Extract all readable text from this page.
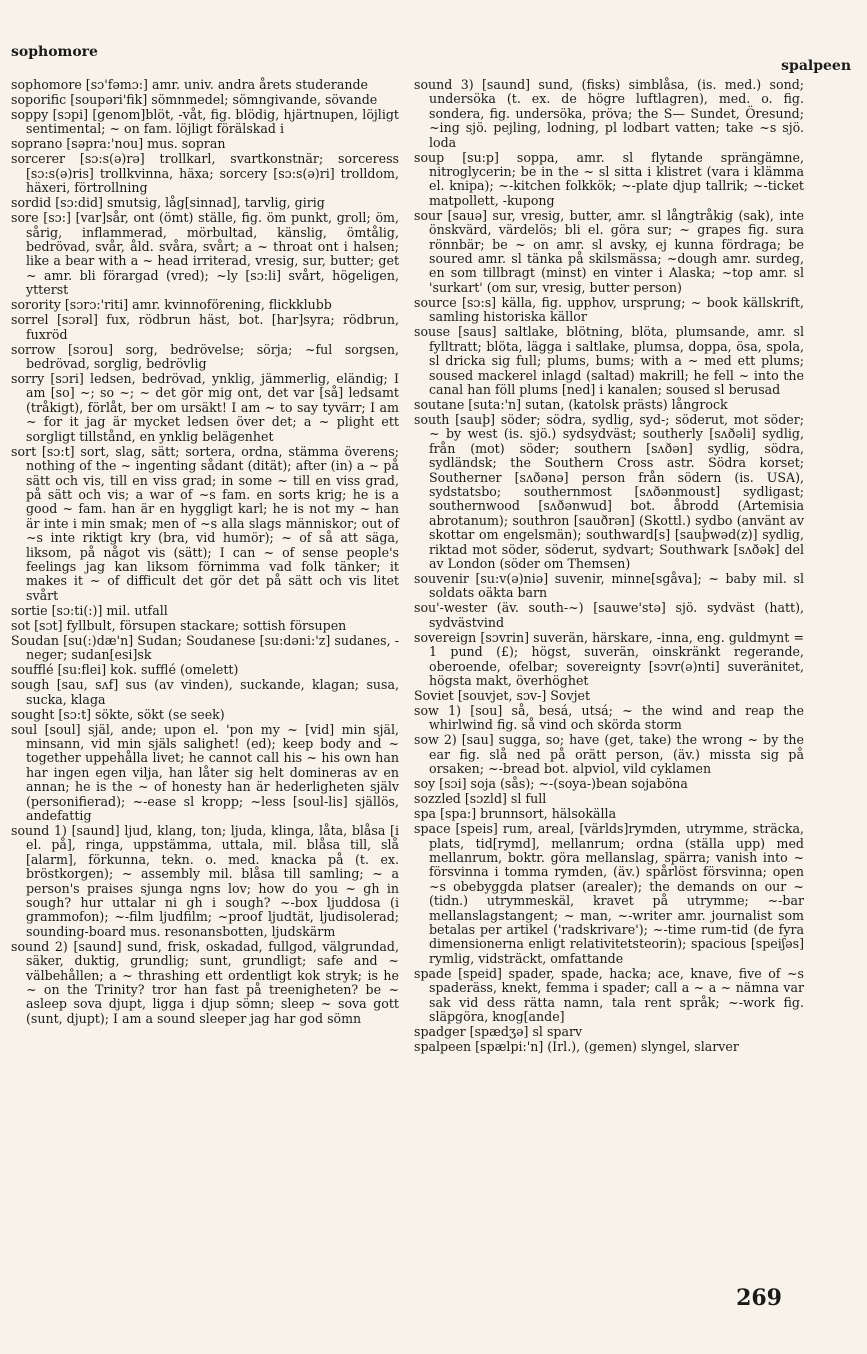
sophomore
spalpeen

sophomore [sɔ'fəmɔ:] amr. univ. andra årets studerande

soporific [soupəri'fik] sömnmedel; sömngivande, sövande

soppy [sɔpi] [genom]blöt, -våt, fig. blödig, hjärtnupen, löjligt sentimental; ~ on fam. löjligt förälskad i

soprano [səpra:'nou] mus. sopran

sorcerer [sɔ:s(ə)rə] trollkarl, svartkonstnär; sorceress [sɔ:s(ə)ris] trollkvinna, häxa; sorcery [sɔ:s(ə)ri] trolldom, häxeri, förtrollning

sordid [sɔ:did] smutsig, låg[sinnad], tarvlig, girig

sore [sɔ:] [var]sår, ont (ömt) ställe, fig. öm punkt, groll; öm, sårig, inflammerad, mörbultad, känslig, ömtålig, bedrövad, svår, åld. svåra, svårt; a ~ throat ont i halsen; like a bear with a ~ head irriterad, vresig, sur, butter; get ~ amr. bli förargad (vred); ~ly [sɔ:li] svårt, högeligen, ytterst

sorority [sɔrɔ:'riti] amr. kvinnoförening, flickklubb

sorrel [sɔrəl] fux, rödbrun häst, bot. [har]syra; rödbrun, fuxröd

sorrow [sɔrou] sorg, bedrövelse; sörja; ~ful sorgsen, bedrövad, sorglig, bedrövlig

sorry [sɔri] ledsen, bedrövad, ynklig, jämmerlig, eländig; I am [so] ~; so ~; ~ det gör mig ont, det var [så] ledsamt (tråkigt), förlåt, ber om ursäkt! I am ~ to say tyvärr; I am ~ for it jag är mycket ledsen över det; a ~ plight ett sorgligt tillstånd, en ynklig belägenhet

sort [sɔ:t] sort, slag, sätt; sortera, ordna, stämma överens; nothing of the ~ ingenting sådant (dität); after (in) a ~ på sätt och vis, till en viss grad; in some ~ till en viss grad, på sätt och vis; a war of ~s fam. en sorts krig; he is a good ~ fam. han är en hyggligt karl; he is not my ~ han är inte i min smak; men of ~s alla slags människor; out of ~s inte riktigt kry (bra, vid humör); ~ of så att säga, liksom, på något vis (sätt); I can ~ of sense people's feelings jag kan liksom förnimma vad folk tänker; it makes it ~ of difficult det gör det på sätt och vis litet svårt

sortie [sɔ:ti(:)] mil. utfall

sot [sɔt] fyllbult, försupen stackare; sottish försupen

Soudan [su(:)dæ'n] Sudan; Soudanese [su:dəni:'z] sudanes, -neger; sudan[esi]sk

soufflé [su:flei] kok. sufflé (omelett)

sough [sau, sʌf] sus (av vinden), suckande, klagan; susa, sucka, klaga

sought [sɔ:t] sökte, sökt (se seek)

soul [soul] själ, ande; upon el. 'pon my ~ [vid] min själ, minsann, vid min själs salighet! (ed); keep body and ~ together uppehålla livet; he cannot call his ~ his own han har ingen egen vilja, han låter sig helt domineras av en annan; he is the ~ of honesty han är hederligheten själv (personifierad); ~-ease sl kropp; ~less [soul-lis] själlös, andefattig

sound 1) [saund] ljud, klang, ton; ljuda, klinga, låta, blåsa [i el. på], ringa, uppstämma, uttala, mil. blåsa till, slå [alarm], förkunna, tekn. o. med. knacka på (t. ex. bröstkorgen); ~ assembly mil. blåsa till samling; ~ a person's praises sjunga ngns lov; how do you ~ gh in sough? hur uttalar ni gh i sough? ~-box ljuddosa (i grammofon); ~-film ljudfilm; ~proof ljudtät, ljudisolerad; sounding-board mus. resonansbotten, ljudskärm

sound 2) [saund] sund, frisk, oskadad, fullgod, välgrundad, säker, duktig, grundlig; sunt, grundligt; safe and ~ välbehållen; a ~ thrashing ett ordentligt kok stryk; is he ~ on the Trinity? tror han fast på treenigheten? be ~ asleep sova djupt, ligga i djup sömn; sleep ~ sova gott (sunt, djupt); I am a sound sleeper jag har god sömn

sound 3) [saund] sund, (fisks) simblåsa, (is. med.) sond; undersöka (t. ex. de högre luftlagren), med. o. fig. sondera, fig. undersöka, pröva; the S— Sundet, Öresund; ~ing sjö. pejling, lodning, pl lodbart vatten; take ~s sjö. loda

soup [su:p] soppa, amr. sl flytande sprängämne, nitroglycerin; be in the ~ sl sitta i klistret (vara i klämma el. knipa); ~-kitchen folkkök; ~-plate djup tallrik; ~-ticket matpollett, -kupong

sour [sauə] sur, vresig, butter, amr. sl långtråkig (sak), inte önskvärd, värdelös; bli el. göra sur; ~ grapes fig. sura rönnbär; be ~ on amr. sl avsky, ej kunna fördraga; be soured amr. sl tänka på skilsmässa; ~dough amr. surdeg, en som tillbragt (minst) en vinter i Alaska; ~top amr. sl 'surkart' (om sur, vresig, butter person)

source [sɔ:s] källa, fig. upphov, ursprung; ~ book källskrift, samling historiska källor

souse [saus] saltlake, blötning, blöta, plumsande, amr. sl fylltratt; blöta, lägga i saltlake, plumsa, doppa, ösa, spola, sl dricka sig full; plums, bums; with a ~ med ett plums; soused mackerel inlagd (saltad) makrill; he fell ~ into the canal han föll plums [ned] i kanalen; soused sl berusad

soutane [suta:'n] sutan, (katolsk prästs) långrock

south [sauþ] söder; södra, sydlig, syd-; söderut, mot söder; ~ by west (is. sjö.) sydsydväst; southerly [sʌðəli] sydlig, från (mot) söder; southern [sʌðən] sydlig, södra, sydländsk; the Southern Cross astr. Södra korset; Southerner [sʌðənə] person från södern (is. USA), sydstatsbo; southernmost [sʌðənmoust] sydligast; southernwood [sʌðənwud] bot. åbrodd (Artemisia abrotanum); southron [sauðrən] (Skottl.) sydbo (använt av skottar om engelsmän); southward[s] [sauþwəd(z)] sydlig, riktad mot söder, söderut, sydvart; Southwark [sʌðək] del av London (söder om Themsen)

souvenir [su:v(ə)niə] suvenir, minne[sgåva]; ~ baby mil. sl soldats oäkta barn

sou'-wester (äv. south-~) [sauwe'stə] sjö. sydväst (hatt), sydvästvind

sovereign [sɔvrin] suverän, härskare, -inna, eng. guldmynt = 1 pund (£); högst, suverän, oinskränkt regerande, oberoende, ofelbar; sovereignty [sɔvr(ə)nti] suveränitet, högsta makt, överhöghet

Soviet [souvjet, sɔv-] Sovjet

sow 1) [sou] så, besá, utsá; ~ the wind and reap the whirlwind fig. så vind och skörda storm

sow 2) [sau] sugga, so; have (get, take) the wrong ~ by the ear fig. slå ned på orätt person, (äv.) missta sig på orsaken; ~-bread bot. alpviol, vild cyklamen

soy [sɔi] soja (sås); ~-(soya-)bean sojaböna

sozzled [sɔzld] sl full

spa [spa:] brunnsort, hälsokälla

space [speis] rum, areal, [världs]rymden, utrymme, sträcka, plats, tid[rymd], mellanrum; ordna (ställa upp) med mellanrum, boktr. göra mellanslag, spärra; vanish into ~ försvinna i tomma rymden, (äv.) spårlöst försvinna; open ~s obebyggda platser (arealer); the demands on our ~ (tidn.) utrymmeskäl, kravet på utrymme; ~-bar mellanslagstangent; ~ man, ~-writer amr. journalist som betalas per artikel ('radskrivare'); ~-time rum-tid (de fyra dimensionerna enligt relativitetsteorin); spacious [speiʃəs] rymlig, vidsträckt, omfattande

spade [speid] spader, spade, hacka; ace, knave, five of ~s spaderäss, knekt, femma i spader; call a ~ a ~ nämna var sak vid dess rätta namn, tala rent språk; ~-work fig. släpgöra, knog[ande]

spadger [spædʒə] sl sparv

spalpeen [spælpi:'n] (Irl.), (gemen) slyngel, slarver

269
